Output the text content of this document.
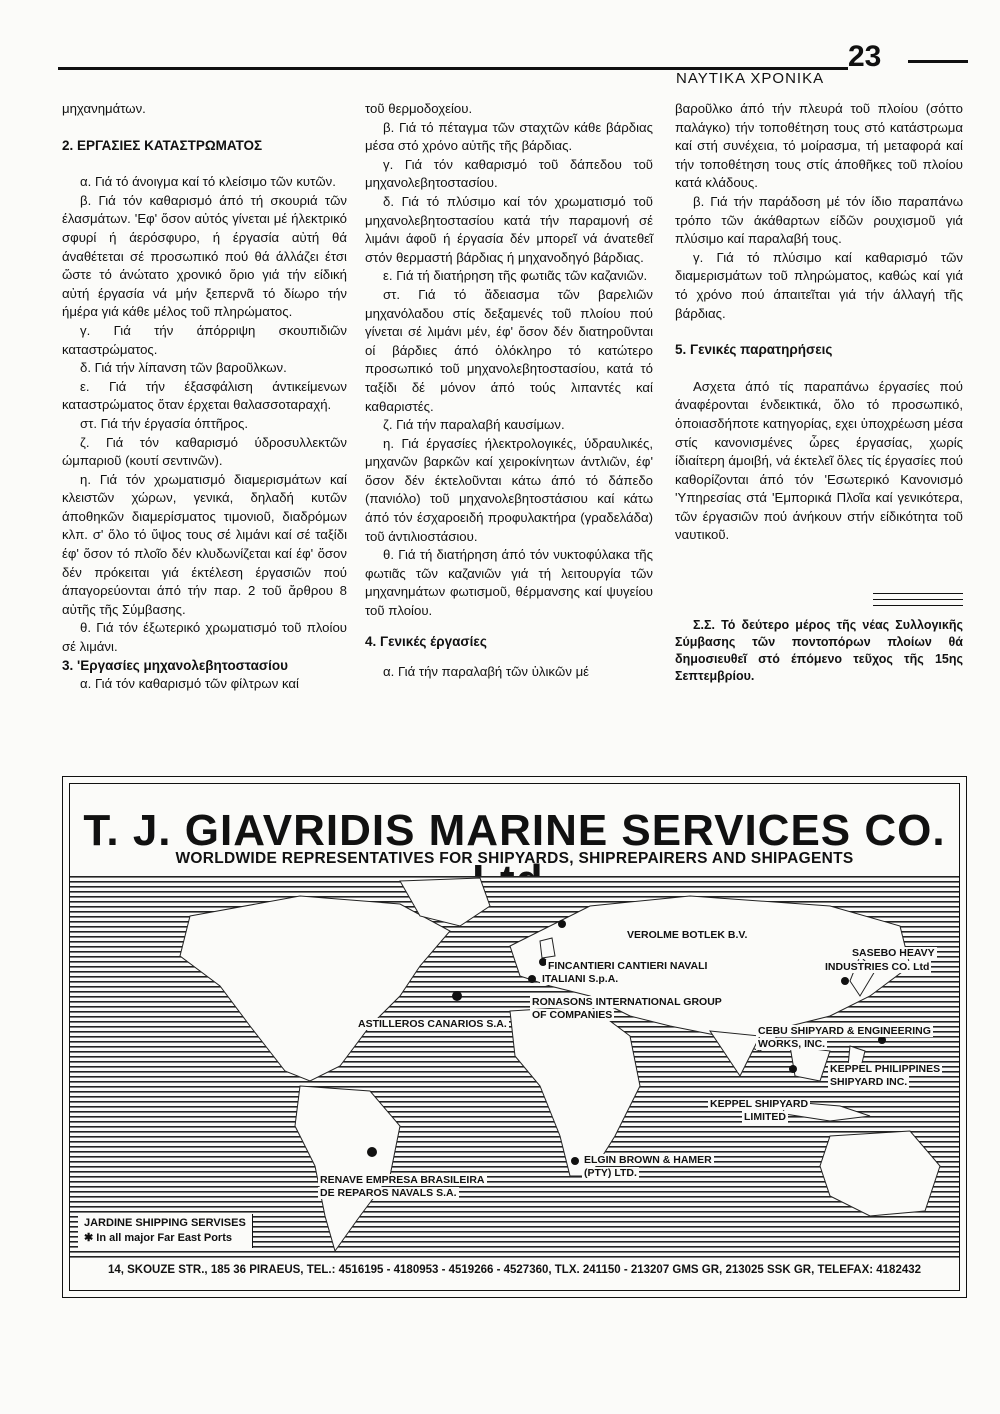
ΝΑΥΤΙΚΑ ΧΡΟΝΙΚΑ
23

μηχανημάτων.

2. ΕΡΓΑΣΙΕΣ ΚΑΤΑΣΤΡΩΜΑΤΟΣ

α. Γιά τό άνοιγμα καί τό κλείσιμο τῶν κυτῶν.

β. Γιά τόν καθαρισμό άπό τή σκουριά τῶν έλασμάτων. 'Εφ' ὅσον αὐτός γίνεται μέ ήλεκτρικό σφυρί ή άερόσφυρο, ή έργασία αὐτή θά άναθέτεται σέ προσωπικό πού θά άλλάζει έτσι ὥστε τό άνώτατο χρονικό ὅριο γιά τήν είδική αὐτή έργασία νά μήν ξεπερνᾶ τό δίωρο τήν ήμέρα γιά κάθε μέλος τοῦ πληρώματος.

γ. Γιά τήν άπόρριψη σκουπιδιῶν καταστρώματος.

δ. Γιά τήν λίπανση τῶν βαροῦλκων.

ε. Γιά τήν έξασφάλιση άντικείμενων καταστρώματος ὅταν έρχεται θαλασσοταραχή.

στ. Γιά τήν έργασία όπτῆρος.

ζ. Γιά τόν καθαρισμό ύδροσυλλεκτῶν ώμπαριοῦ (κουτί σεντινῶν).

η. Γιά τόν χρωματισμό διαμερισμάτων καί κλειστῶν χώρων, γενικά, δηλαδή κυτῶν άποθηκῶν διαμερίσματος τιμονιοῦ, διαδρόμων κλπ. σ' ὅλο τό ὕψος τους σέ λιμάνι καί σέ ταξίδι έφ' ὅσον τό πλοῖο δέν κλυδωνίζεται καί έφ' ὅσον δέν πρόκειται γιά έκτέλεση έργασιῶν πού άπαγορεύονται άπό τήν παρ. 2 τοῦ ἄρθρου 8 αὐτῆς τῆς Σύμβασης.

θ. Γιά τόν έξωτερικό χρωματισμό τοῦ πλοίου σέ λιμάνι.

3. 'Εργασίες μηχανολεβητοστασίου

α. Γιά τόν καθαρισμό τῶν φίλτρων καί

τοῦ θερμοδοχείου.

β. Γιά τό πέταγμα τῶν σταχτῶν κάθε βάρδιας μέσα στό χρόνο αὐτῆς τῆς βάρδιας.

γ. Γιά τόν καθαρισμό τοῦ δάπεδου τοῦ μηχανολεβητοστασίου.

δ. Γιά τό πλύσιμο καί τόν χρωματισμό τοῦ μηχανολεβητοστασίου κατά τήν παραμονή σέ λιμάνι άφοῦ ή έργασία δέν μπορεῖ νά άνατεθεῖ στόν θερμαστή βάρδιας ή μηχανοδηγό βάρδιας.

ε. Γιά τή διατήρηση τῆς φωτιᾶς τῶν καζανιῶν.

στ. Γιά τό ἄδειασμα τῶν βαρελιῶν μηχανόλαδου στίς δεξαμενές τοῦ πλοίου πού γίνεται σέ λιμάνι μέν, έφ' ὅσον δέν διατηροῦνται οί βάρδιες άπό ὁλόκληρο τό κατώτερο προσωπικό τοῦ μηχανολεβητοστασίου, κατά τό ταξίδι δέ μόνον άπό τούς λιπαντές καί καθαριστές.

ζ. Γιά τήν παραλαβή καυσίμων.

η. Γιά έργασίες ήλεκτρολογικές, ύδραυλικές, μηχανῶν βαρκῶν καί χειροκίνητων άντλιῶν, έφ' ὅσον δέν έκτελοῦνται κάτω άπό τό δάπεδο (πανιόλο) τοῦ μηχανολεβητοστάσιου καί κάτω άπό τόν έσχαροειδή προφυλακτήρα (γραδελάδα) τοῦ άντιλιοστάσιου.

θ. Γιά τή διατήρηση άπό τόν νυκτοφύλακα τῆς φωτιᾶς τῶν καζανιῶν γιά τή λειτουργία τῶν μηχανημάτων φωτισμοῦ, θέρμανσης καί ψυγείου τοῦ πλοίου.

4. Γενικές έργασίες

α. Γιά τήν παραλαβή τῶν ὑλικῶν μέ

βαροῦλκο άπό τήν πλευρά τοῦ πλοίου (σόττο παλάγκο) τήν τοποθέτηση τους στό κατάστρωμα καί στή συνέχεια, τό μοίρασμα, τή μεταφορά καί τήν τοποθέτηση τους στίς άποθῆκες τοῦ πλοίου κατά κλάδους.

β. Γιά τήν παράδοση μέ τόν ίδιο παραπάνω τρόπο τῶν άκάθαρτων είδῶν ρουχισμοῦ γιά πλύσιμο καί παραλαβή τους.

γ. Γιά τό πλύσιμο καί καθαρισμό τῶν διαμερισμάτων τοῦ πληρώματος, καθώς καί γιά τό χρόνο πού άπαιτεῖται γιά τήν άλλαγή τῆς βάρδιας.

5. Γενικές παρατηρήσεις

Ασχετα άπό τίς παραπάνω έργασίες πού άναφέρονται ένδεικτικά, ὅλο τό προσωπικό, ὁποιασδήποτε κατηγορίας, εχει ὑποχρέωση μέσα στίς κανονισμένες ὧρες έργασίας, χωρίς ίδιαίτερη άμοιβή, νά έκτελεῖ ὅλες τίς έργασίες πού καθορίζονται άπό τόν 'Εσωτερικό Κανονισμό 'Υπηρεσίας στά 'Εμπορικά Πλοῖα καί γενικότερα, τῶν έργασιῶν πού άνήκουν στήν είδικότητα τοῦ ναυτικοῦ.

Σ.Σ. Τό δεύτερο μέρος τῆς νέας Συλλογικῆς Σύμβασης τῶν ποντοπόρων πλοίων θά δημοσιευθεῖ στό έπόμενο τεῦχος τῆς 15ης Σεπτεμβρίου.

T. J. GIAVRIDIS MARINE SERVICES CO.
WORLDWIDE REPRESENTATIVES FOR SHIPYARDS, SHIPREPAIRERS AND SHIPAGENTS
VEROLME BOTLEK B.V.
FINCANTIERI CANTIERI NAVALI
ITALIANI S.p.A.
RONASONS INTERNATIONAL GROUP
OF COMPANIES
ASTILLEROS CANARIOS S.A.
SASEBO HEAVY
INDUSTRIES CO. Ltd
CEBU SHIPYARD & ENGINEERING
WORKS, INC.
KEPPEL PHILIPPINES
SHIPYARD INC.
KEPPEL SHIPYARD
LIMITED
ELGIN BROWN & HAMER
(PTY) LTD.
RENAVE EMPRESA BRASILEIRA
DE REPAROS NAVALS S.A.
JARDINE SHIPPING SERVISES
✱ In all major Far East Ports
14, SKOUZE STR., 185 36 PIRAEUS, TEL.: 4516195 - 4180953 - 4519266 - 4527360, TLX. 241150 - 213207 GMS GR, 213025 SSK GR, TELEFAX: 4182432
